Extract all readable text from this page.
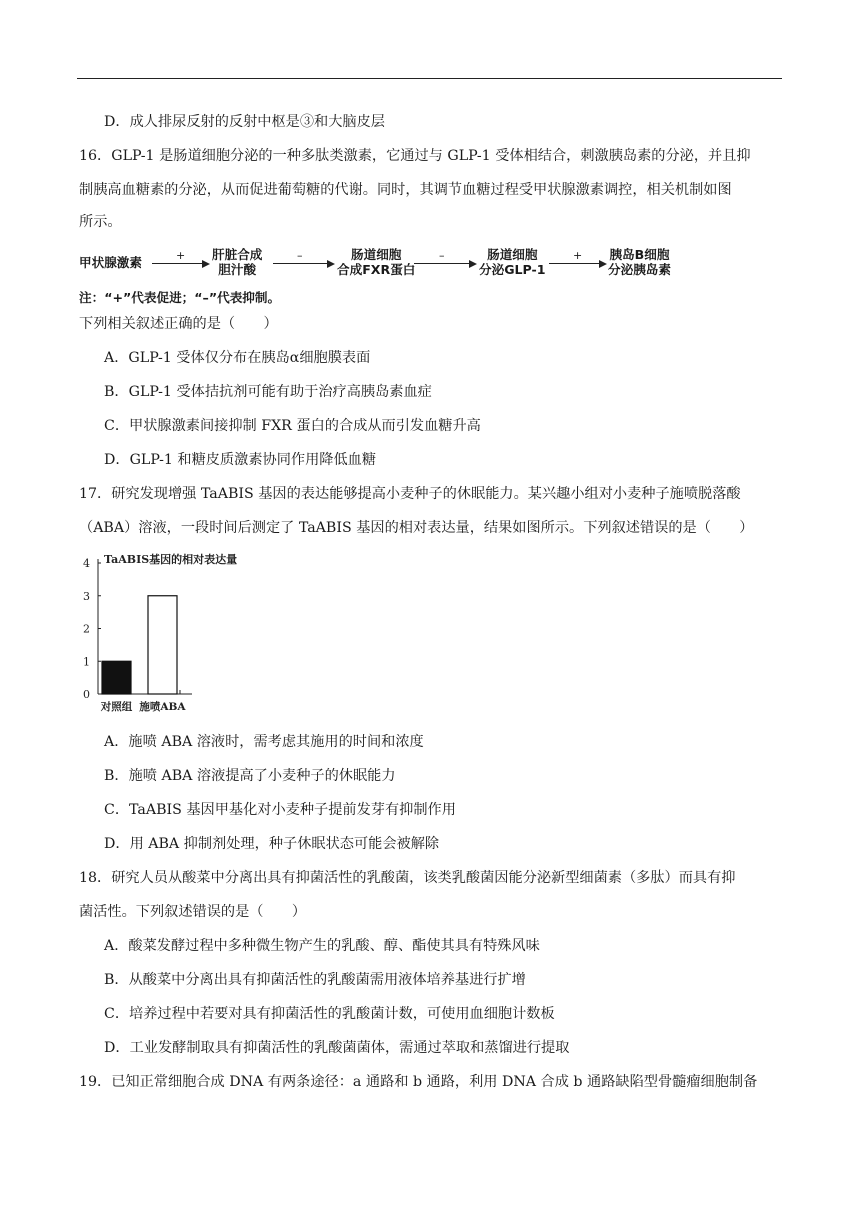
D．成人排尿反射的反射中枢是③和大脑皮层
16．GLP-1 是肠道细胞分泌的一种多肽类激素，它通过与 GLP-1 受体相结合，刺激胰岛素的分泌，并且抑
制胰高血糖素的分泌，从而促进葡萄糖的代谢。同时，其调节血糖过程受甲状腺激素调控，相关机制如图
所示。
甲状腺激素	+ 肝脏合成
胆汁酸
–	肠道细胞
合成FXR蛋白
–	肠道细胞
分泌GLP-1
+ 胰岛B细胞
分泌胰岛素
注：“+”代表促进；“–”代表抑制。
下列相关叙述正确的是（　　）
A．GLP-1 受体仅分布在胰岛α细胞膜表面
B．GLP-1 受体拮抗剂可能有助于治疗高胰岛素血症
C．甲状腺激素间接抑制 FXR 蛋白的合成从而引发血糖升高
D．GLP-1 和糖皮质激素协同作用降低血糖
17．研究发现增强 TaABIS 基因的表达能够提高小麦种子的休眠能力。某兴趣小组对小麦种子施喷脱落酸
（ABA）溶液，一段时间后测定了 TaABIS 基因的相对表达量，结果如图所示。下列叙述错误的是（　　）
0
1
2
3
4 TaABIS基因的相对表达量
对照组 施喷ABA
A．施喷 ABA 溶液时，需考虑其施用的时间和浓度
B．施喷 ABA 溶液提高了小麦种子的休眠能力
C．TaABIS 基因甲基化对小麦种子提前发芽有抑制作用
D．用 ABA 抑制剂处理，种子休眠状态可能会被解除
18．研究人员从酸菜中分离出具有抑菌活性的乳酸菌，该类乳酸菌因能分泌新型细菌素（多肽）而具有抑
菌活性。下列叙述错误的是（　　）
A．酸菜发酵过程中多种微生物产生的乳酸、醇、酯使其具有特殊风味
B．从酸菜中分离出具有抑菌活性的乳酸菌需用液体培养基进行扩增
C．培养过程中若要对具有抑菌活性的乳酸菌计数，可使用血细胞计数板
D．工业发酵制取具有抑菌活性的乳酸菌菌体，需通过萃取和蒸馏进行提取
19．已知正常细胞合成 DNA 有两条途径：a 通路和 b 通路，利用 DNA 合成 b 通路缺陷型骨髓瘤细胞制备
